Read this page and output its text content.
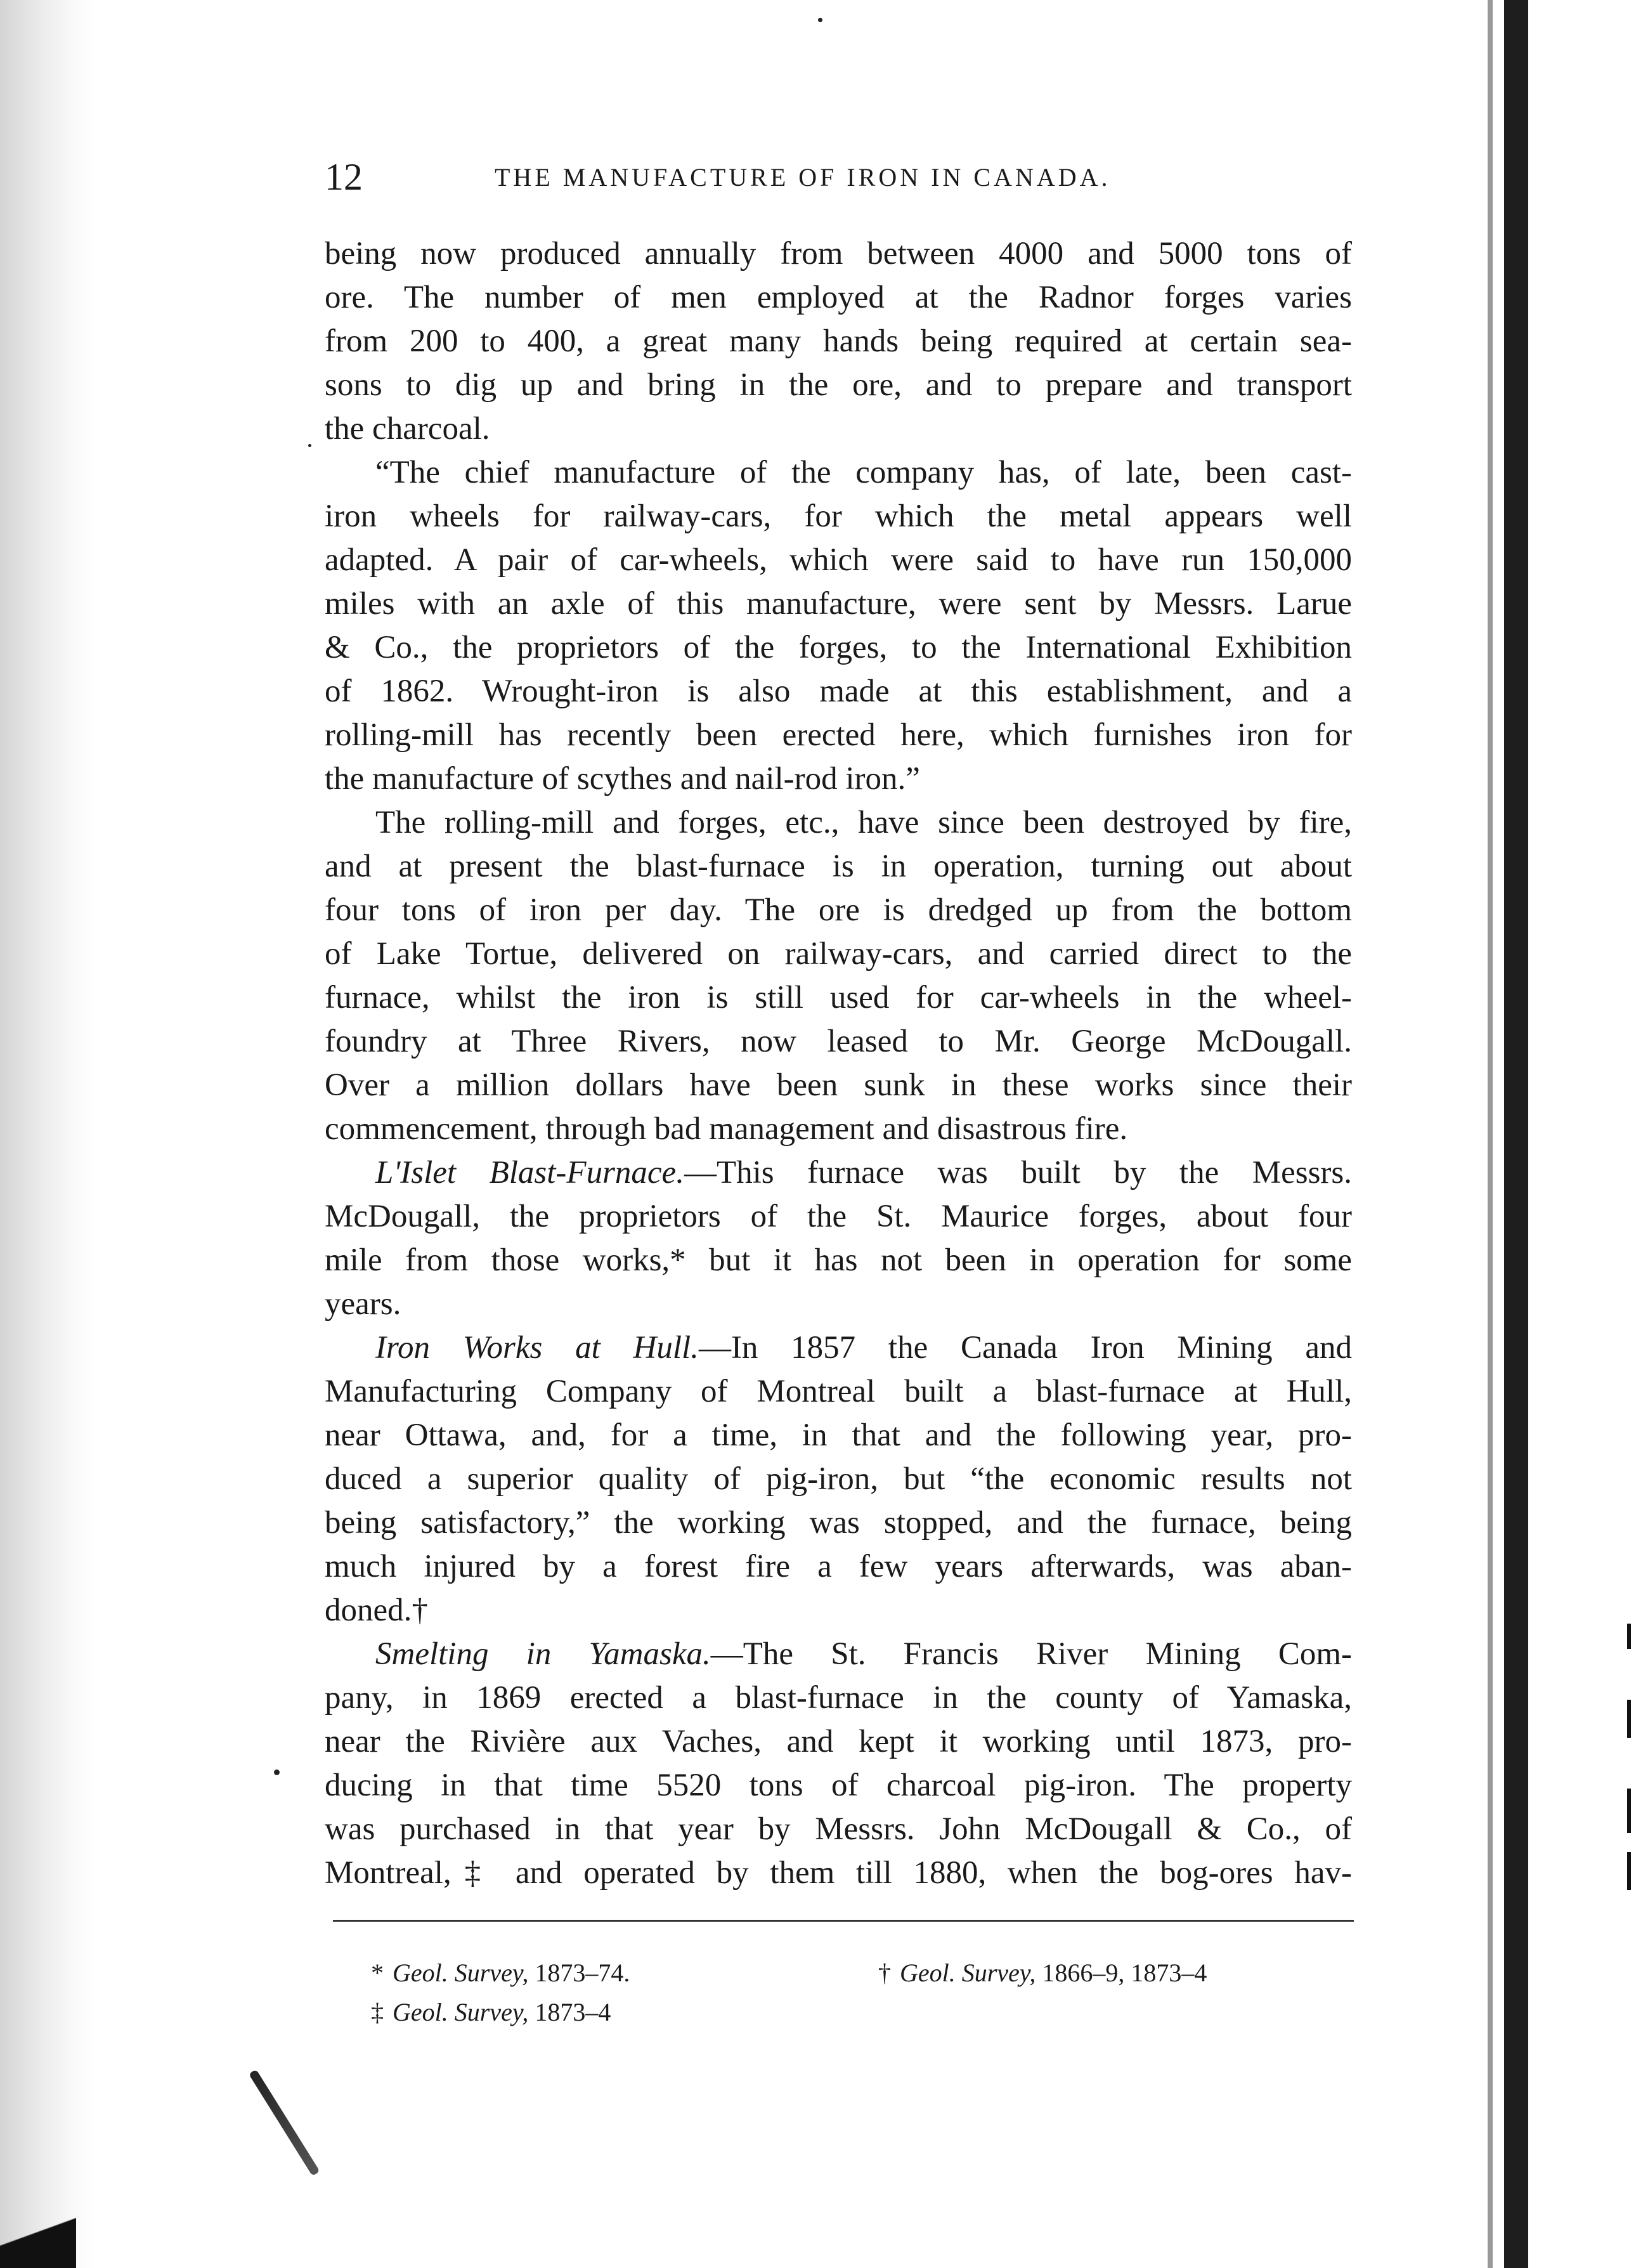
12	THE MANUFACTURE OF IRON IN CANADA.
being now produced annually from between 4000 and 5000 tons of
ore. The number of men employed at the Radnor forges varies
from 200 to 400, a great many hands being required at certain sea-
sons to dig up and bring in the ore, and to prepare and transport
the charcoal.
“The chief manufacture of the company has, of late, been cast-
iron wheels for railway-cars, for which the metal appears well
adapted. A pair of car-wheels, which were said to have run 150,000
miles with an axle of this manufacture, were sent by Messrs. Larue
& Co., the proprietors of the forges, to the International Exhibition
of 1862. Wrought-iron is also made at this establishment, and a
rolling-mill has recently been erected here, which furnishes iron for
the manufacture of scythes and nail-rod iron.”
The rolling-mill and forges, etc., have since been destroyed by fire,
and at present the blast-furnace is in operation, turning out about
four tons of iron per day. The ore is dredged up from the bottom
of Lake Tortue, delivered on railway-cars, and carried direct to the
furnace, whilst the iron is still used for car-wheels in the wheel-
foundry at Three Rivers, now leased to Mr. George McDougall.
Over a million dollars have been sunk in these works since their
commencement, through bad management and disastrous fire.
L'Islet Blast-Furnace.—This furnace was built by the Messrs.
McDougall, the proprietors of the St. Maurice forges, about four
mile from those works,* but it has not been in operation for some
years.
Iron Works at Hull.—In 1857 the Canada Iron Mining and
Manufacturing Company of Montreal built a blast-furnace at Hull,
near Ottawa, and, for a time, in that and the following year, pro-
duced a superior quality of pig-iron, but “the economic results not
being satisfactory,” the working was stopped, and the furnace, being
much injured by a forest fire a few years afterwards, was aban-
doned.†
Smelting in Yamaska.—The St. Francis River Mining Com-
pany, in 1869 erected a blast-furnace in the county of Yamaska,
near the Rivière aux Vaches, and kept it working until 1873, pro-
ducing in that time 5520 tons of charcoal pig-iron. The property
was purchased in that year by Messrs. John McDougall & Co., of
Montreal,‡ and operated by them till 1880, when the bog-ores hav-
* Geol. Survey, 1873–74.	† Geol. Survey, 1866–9, 1873–4
‡ Geol. Survey, 1873–4
